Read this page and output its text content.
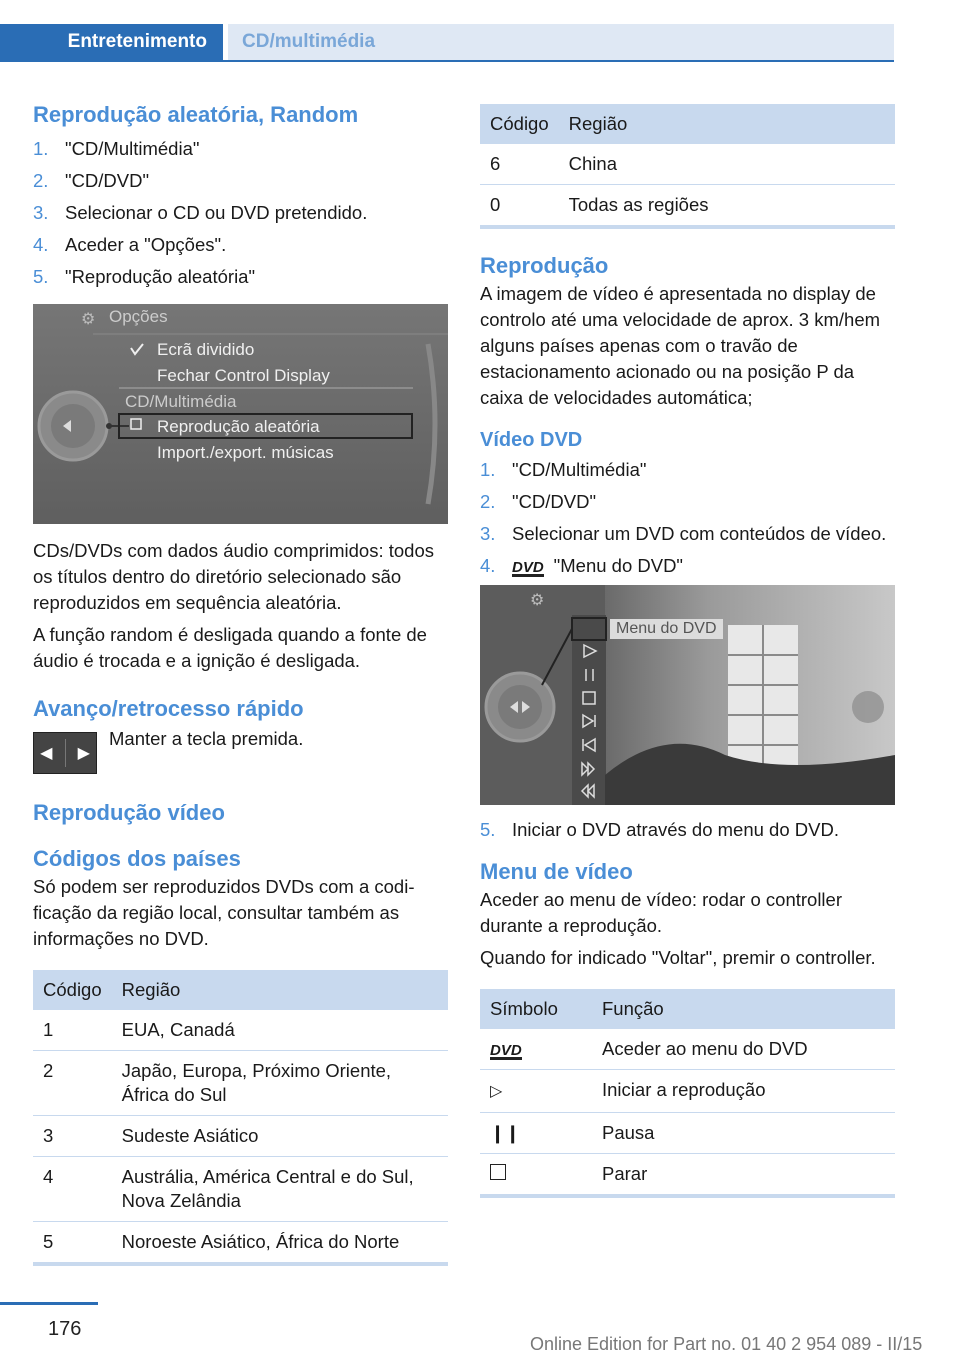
Entretenimento	CD/multimédia
Reprodução aleatória, Random
1. "CD/Multimédia"
2. "CD/DVD"
3. Selecionar o CD ou DVD pretendido.
4. Aceder a "Opções".
5. "Reprodução aleatória"
⚙ Opções
Ecrã dividido
Fechar Control Display
CD/Multimédia
Reprodução aleatória
Import./export. músicas

CDs/DVDs com dados áudio comprimidos: todos os títulos dentro do diretório selecionado são reproduzidos em sequência aleatória.

A função random é desligada quando a fonte de áudio é trocada e a ignição é desligada.

Avanço/retrocesso rápido
◀ ▶

Manter a tecla premida.

Reprodução vídeo
Códigos dos países

Só podem ser reproduzidos DVDs com a codificação da região local, consultar também as informações no DVD.

Código	Região
1	EUA, Canadá
2	Japão, Europa, Próximo Oriente, África do Sul
3	Sudeste Asiático
4	Austrália, América Central e do Sul, Nova Zelândia
5	Noroeste Asiático, África do Norte
Código	Região
6	China
0	Todas as regiões
Reprodução

A imagem de vídeo é apresentada no display de controlo até uma velocidade de aprox. 3 km/hem alguns países apenas com o travão de estacionamento acionado ou na posição P da caixa de velocidades automática;

Vídeo DVD
1. "CD/Multimédia"
2. "CD/DVD"
3. Selecionar um DVD com conteúdos de vídeo.
4. DVD "Menu do DVD"
⚙
Menu do DVD
5. Iniciar o DVD através do menu do DVD.
Menu de vídeo

Aceder ao menu de vídeo: rodar o controller durante a reprodução.

Quando for indicado "Voltar", premir o controller.

Símbolo	Função
DVD	Aceder ao menu do DVD
▷	Iniciar a reprodução
❙❙	Pausa
	Parar
176
Online Edition for Part no. 01 40 2 954 089 - II/15
